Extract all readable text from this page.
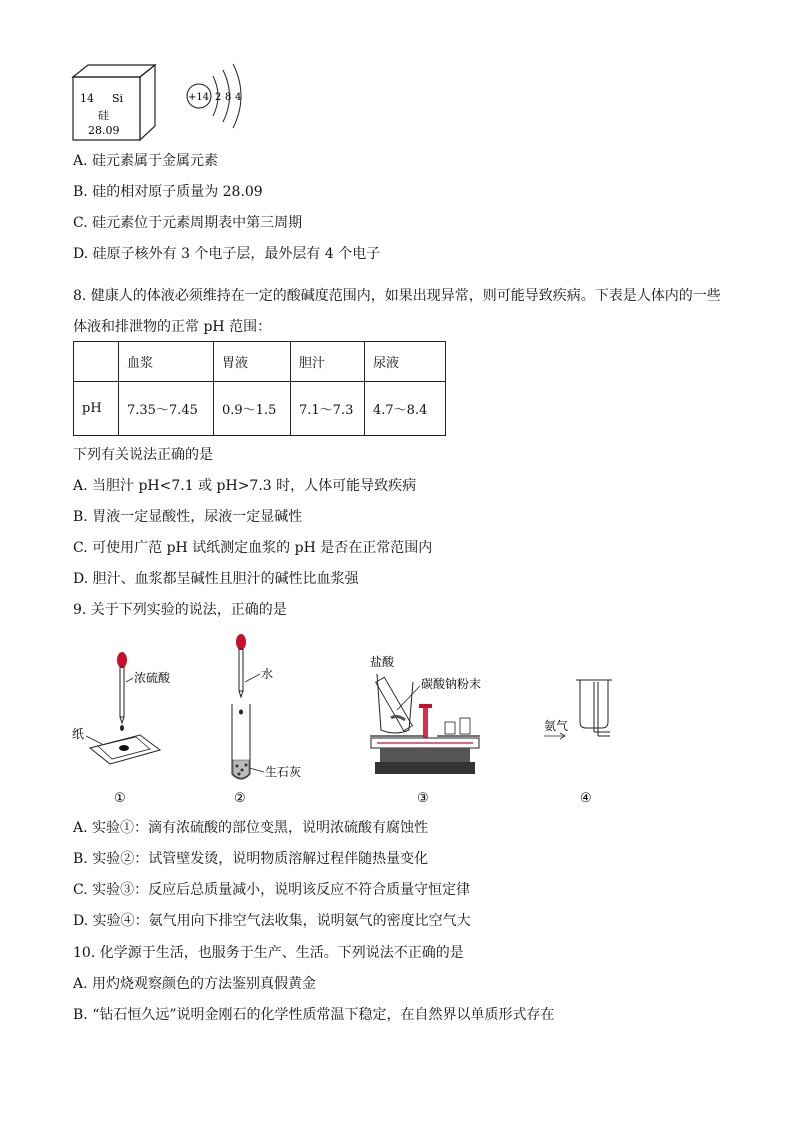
14 Si
硅
28.09
+14 2 8 4
A. 硅元素属于金属元素
B. 硅的相对原子质量为 28.09
C. 硅元素位于元素周期表中第三周期
D. 硅原子核外有 3 个电子层，最外层有 4 个电子
8. 健康人的体液必须维持在一定的酸碱度范围内，如果出现异常，则可能导致疾病。下表是人体内的一些
体液和排泄物的正常 pH 范围：
	血浆	胃液	胆汁	尿液
pH	7.35～7.45	0.9～1.5	7.1～7.3	4.7～8.4
下列有关说法正确的是
A. 当胆汁 pH<7.1 或 pH>7.3 时，人体可能导致疾病
B. 胃液一定显酸性，尿液一定显碱性
C. 可使用广范 pH 试纸测定血浆的 pH 是否在正常范围内
D. 胆汁、血浆都呈碱性且胆汁的碱性比血浆强
9. 关于下列实验的说法，正确的是
浓硫酸
纸
①
水
生石灰
②
盐酸
碳酸钠粉末
③
氨气
④
A. 实验①：滴有浓硫酸的部位变黑，说明浓硫酸有腐蚀性
B. 实验②：试管壁发烫，说明物质溶解过程伴随热量变化
C. 实验③：反应后总质量减小，说明该反应不符合质量守恒定律
D. 实验④：氨气用向下排空气法收集，说明氨气的密度比空气大
10. 化学源于生活，也服务于生产、生活。下列说法不正确的是
A. 用灼烧观察颜色的方法鉴别真假黄金
B. “钻石恒久远”说明金刚石的化学性质常温下稳定，在自然界以单质形式存在
